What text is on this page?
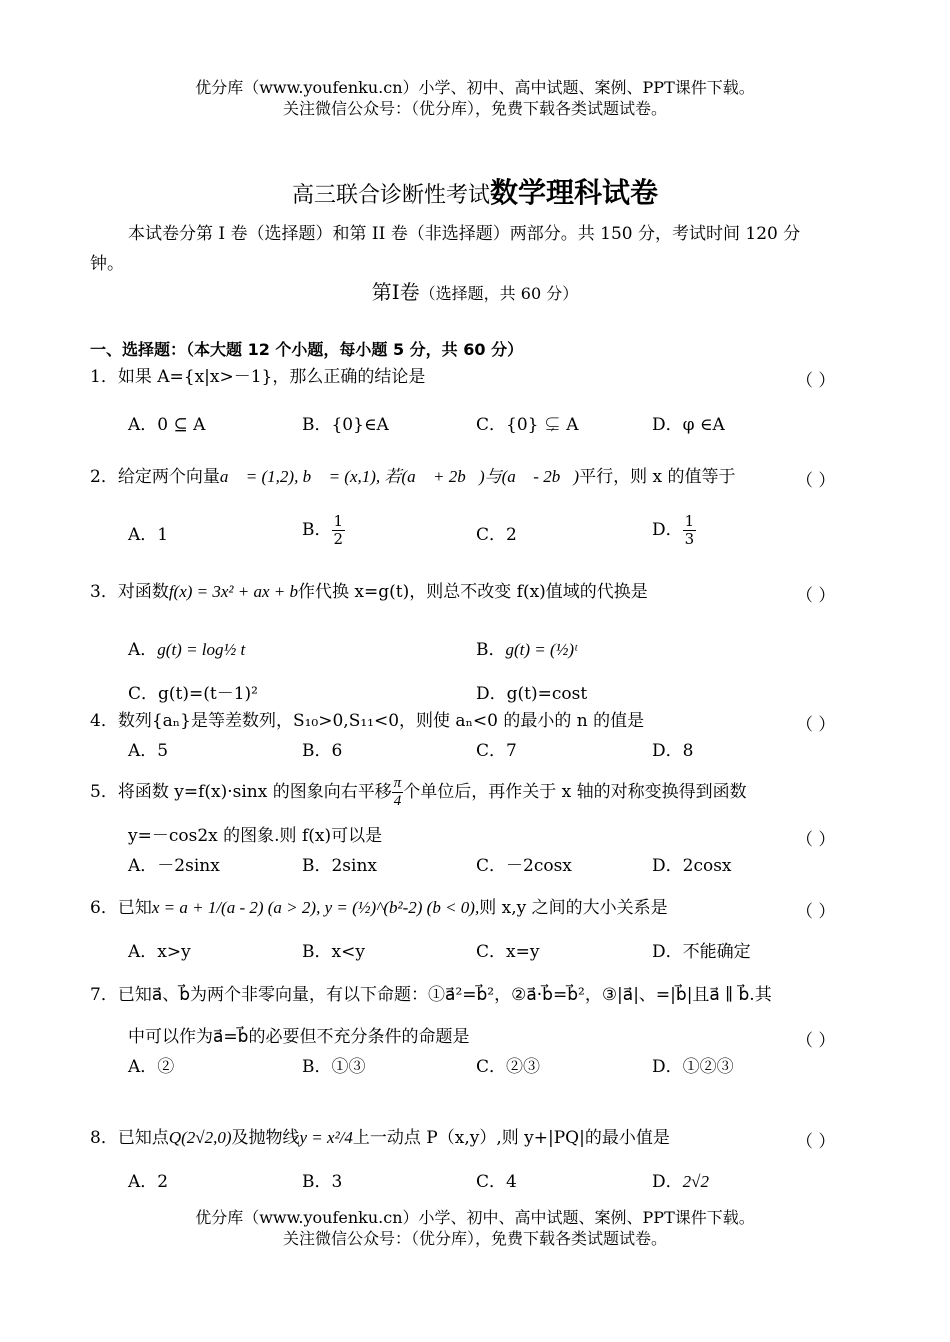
优分库（www.youfenku.cn）小学、初中、高中试题、案例、PPT课件下载。
关注微信公众号：（优分库），免费下载各类试题试卷。
高三联合诊断性考试数学理科试卷
本试卷分第 I 卷（选择题）和第 II 卷（非选择题）两部分。共 150 分，考试时间 120 分
钟。
第Ⅰ卷（选择题，共 60 分）
一、选择题：（本大题 12 个小题，每小题 5 分，共 60 分）
1．如果 A={x|x>－1}，那么正确的结论是	（ ）
A．0 ⊆ A	B．{0}∈A	C．{0} ⊊ A	D．φ ∈A
2．给定两个向量a⃗ = (1,2), b⃗ = (x,1), 若(a⃗ + 2b⃗)与(a⃗ - 2b⃗)平行，则 x 的值等于	（ ）
A．1	B． $\frac{1}{2}$	C．2	D． $\frac{1}{3}$
3．对函数f(x) = 3x² + ax + b作代换 x=g(t)，则总不改变 f(x)值域的代换是	（ ）
A．g(t) = log½ t	B．g(t) = (½)ᵗ
C．g(t)=(t－1)²	D．g(t)=cost
4．数列{aₙ}是等差数列，S₁₀>0,S₁₁<0，则使 aₙ<0 的最小的 n 的值是	（ ）
A．5	B．6	C．7	D．8
5．将函数 y=f(x)·sinx 的图象向右平移 $\frac{\pi}{4}$ 个单位后，再作关于 x 轴的对称变换得到函数
y=－cos2x 的图象.则 f(x)可以是	（ ）
A．－2sinx	B．2sinx	C．－2cosx	D．2cosx
6．已知x = a + 1/(a - 2) (a > 2), y = (½)^(b²-2) (b < 0),则 x,y 之间的大小关系是	（ ）
A．x>y	B．x<y	C．x=y	D．不能确定
7．已知a⃗、b⃗为两个非零向量，有以下命题：①a⃗²=b⃗²，②a⃗·b⃗=b⃗²，③|a⃗|、=|b⃗|且a⃗ ∥ b⃗.其
中可以作为a⃗=b⃗的必要但不充分条件的命题是	（ ）
A．②	B．①③	C．②③	D．①②③
8．已知点Q(2√2,0)及抛物线y = x²/4上一动点 P（x,y）,则 y+|PQ|的最小值是	（ ）
A．2	B．3	C．4	D．2√2
优分库（www.youfenku.cn）小学、初中、高中试题、案例、PPT课件下载。
关注微信公众号：（优分库），免费下载各类试题试卷。
